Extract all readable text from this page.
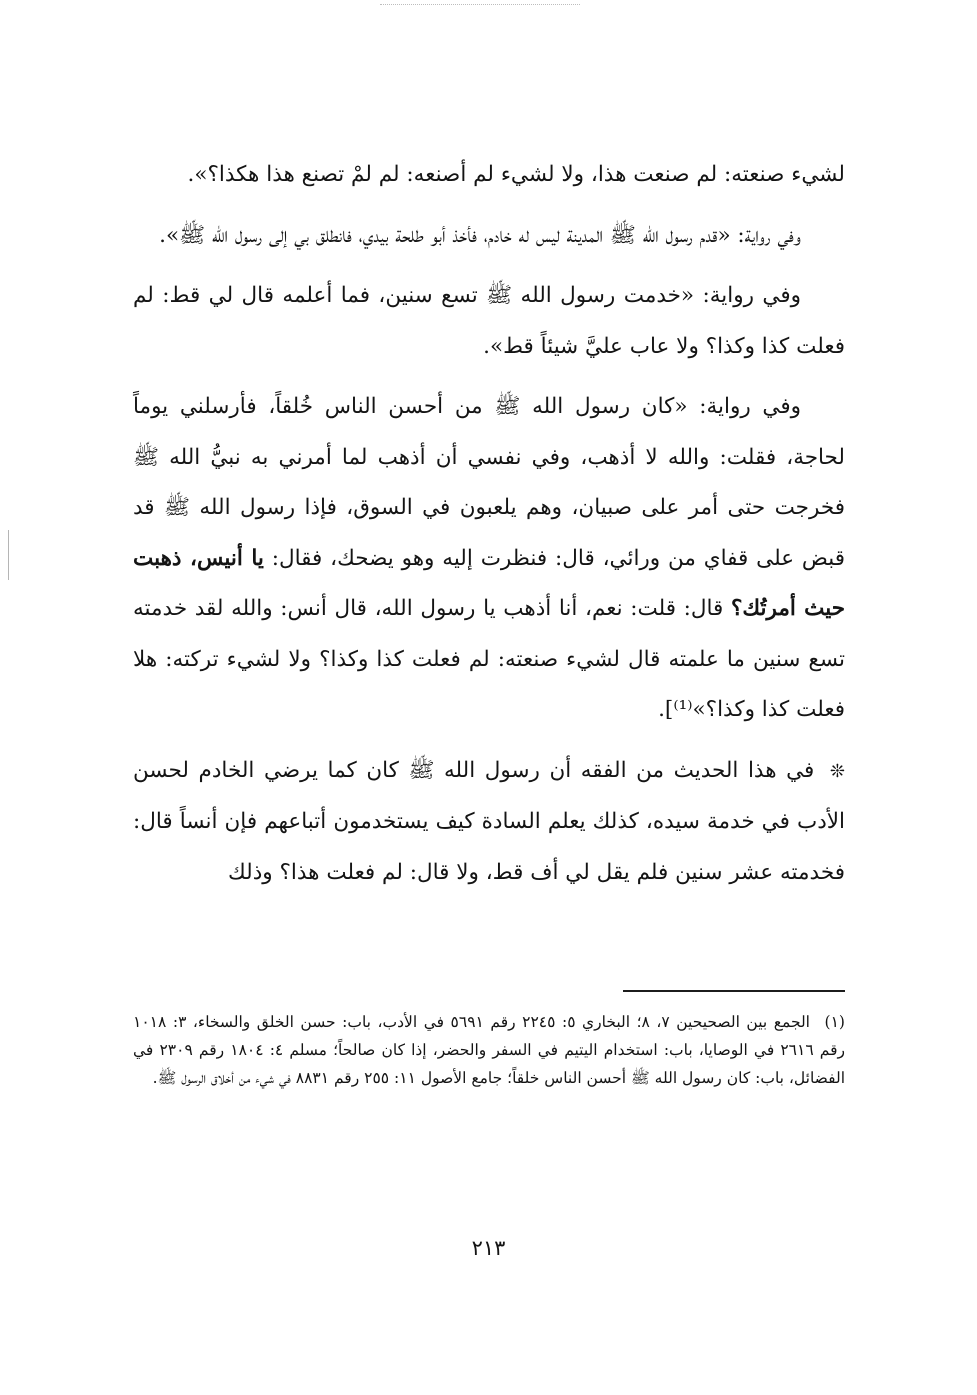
لشيء صنعته: لم صنعت هذا، ولا لشيء لم أصنعه: لم لمْ تصنع هذا هكذا؟».

وفي رواية: «قدم رسول الله ﷺ المدينة ليس له خادم، فأخذ أبو طلحة بيدي، فانطلق بي إلى رسول الله ﷺ».

وفي رواية: «خدمت رسول الله ﷺ تسع سنين، فما أعلمه قال لي قط: لم فعلت كذا وكذا؟ ولا عاب عليَّ شيئاً قط».

وفي رواية: «كان رسول الله ﷺ من أحسن الناس خُلقاً، فأرسلني يوماً لحاجة، فقلت: والله لا أذهب، وفي نفسي أن أذهب لما أمرني به نبيُّ الله ﷺ فخرجت حتى أمر على صبيان، وهم يلعبون في السوق، فإذا رسول الله ﷺ قد قبض على قفاي من ورائي، قال: فنظرت إليه وهو يضحك، فقال: يا أنيس، ذهبت حيث أمرتُك؟ قال: قلت: نعم، أنا أذهب يا رسول الله، قال أنس: والله لقد خدمته تسع سنين ما علمته قال لشيء صنعته: لم فعلت كذا وكذا؟ ولا لشيء تركته: هلا فعلت كذا وكذا؟»⁽¹⁾].

❊ في هذا الحديث من الفقه أن رسول الله ﷺ كان كما يرضي الخادم لحسن الأدب في خدمة سيده، كذلك يعلم السادة كيف يستخدمون أتباعهم فإن أنساً قال: فخدمته عشر سنين فلم يقل لي أف قط، ولا قال: لم فعلت هذا؟ وذلك

(١) الجمع بين الصحيحين ٧، ٨؛ البخاري ٥: ٢٢٤٥ رقم ٥٦٩١ في الأدب، باب: حسن الخلق والسخاء، ٣: ١٠١٨ رقم ٢٦١٦ في الوصايا، باب: استخدام اليتيم في السفر والحضر، إذا كان صالحاً؛ مسلم ٤: ١٨٠٤ رقم ٢٣٠٩ في الفضائل، باب: كان رسول الله ﷺ أحسن الناس خلقاً؛ جامع الأصول ١١: ٢٥٥ رقم ٨٨٣١ في شيء من أخلاق الرسول ﷺ.

٢١٣
